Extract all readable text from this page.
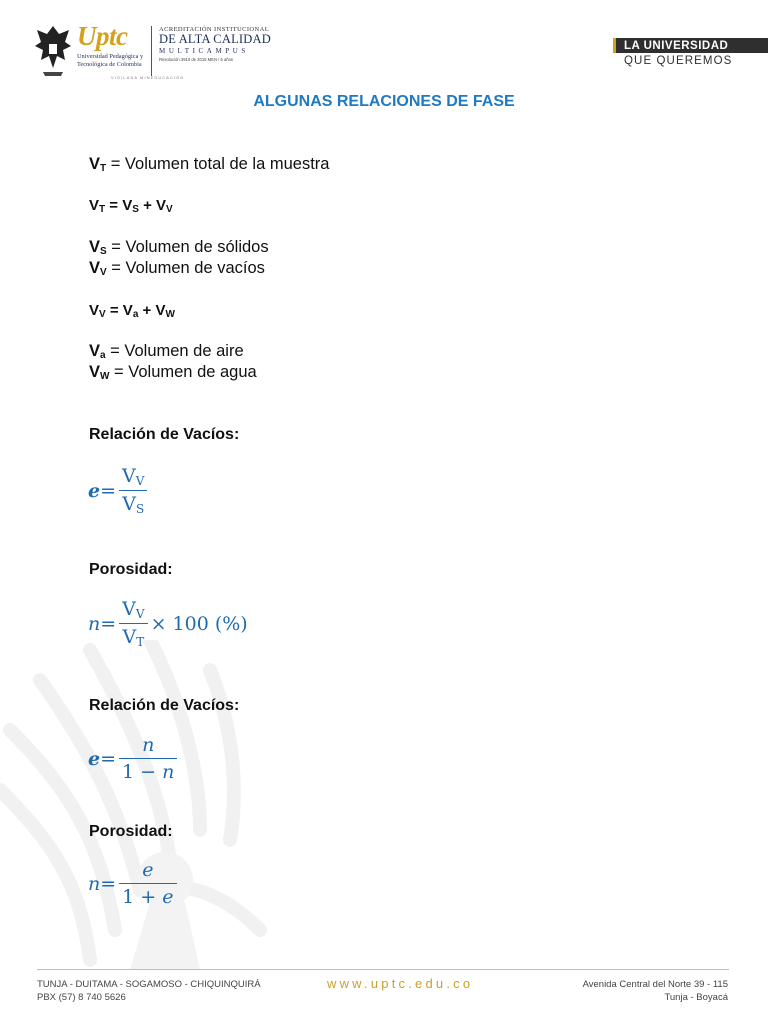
Uptc
Universidad Pedagógica y Tecnológica de Colombia
ACREDITACIÓN INSTITUCIONAL
DE ALTA CALIDAD
MULTICAMPUS
Resolución 3910 de 2015 MEN / 6 años
VIGILADA MINEDUCACIÓN
LA UNIVERSIDAD
QUE QUEREMOS
ALGUNAS RELACIONES DE FASE
$V_T$ = Volumen total de la muestra
$V_T = V_S + V_V$
$V_S$ = Volumen de sólidos
$V_V$ = Volumen de vacíos
$V_V = V_a + V_W$
$V_a$ = Volumen de aire
$V_W$ = Volumen de agua
Relación de Vacíos:
$e= \frac{V_V}{V_S}$
Porosidad:
$n= \frac{V_V}{V_T} \times 100$ (%)
Relación de Vacíos:
$e= \frac{n}{1 - n}$
Porosidad:
$n= \frac{e}{1 + e}$
TUNJA - DUITAMA - SOGAMOSO - CHIQUINQUIRÁ
PBX (57) 8 740 5626
www.uptc.edu.co	Avenida Central del Norte 39 - 115
Tunja - Boyacá
